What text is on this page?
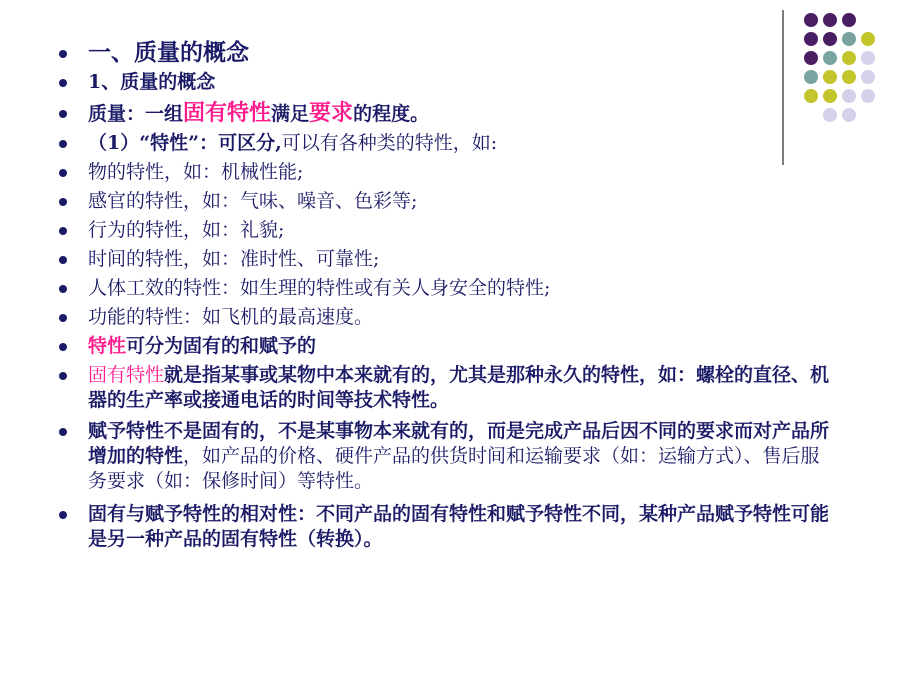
一、质量的概念
1、质量的概念
质量：一组固有特性满足要求的程度。
（1）“特性”：可区分,可以有各种类的特性，如:
物的特性，如：机械性能;
感官的特性，如：气味、噪音、色彩等;
行为的特性，如：礼貌;
时间的特性，如：准时性、可靠性;
人体工效的特性：如生理的特性或有关人身安全的特性;
功能的特性：如飞机的最高速度。
特性可分为固有的和赋予的
固有特性就是指某事或某物中本来就有的，尤其是那种永久的特性，如：螺栓的直径、机器的生产率或接通电话的时间等技术特性。
赋予特性不是固有的，不是某事物本来就有的，而是完成产品后因不同的要求而对产品所增加的特性，如产品的价格、硬件产品的供货时间和运输要求（如：运输方式）、售后服务要求（如：保修时间）等特性。
固有与赋予特性的相对性：不同产品的固有特性和赋予特性不同，某种产品赋予特性可能是另一种产品的固有特性（转换）。
